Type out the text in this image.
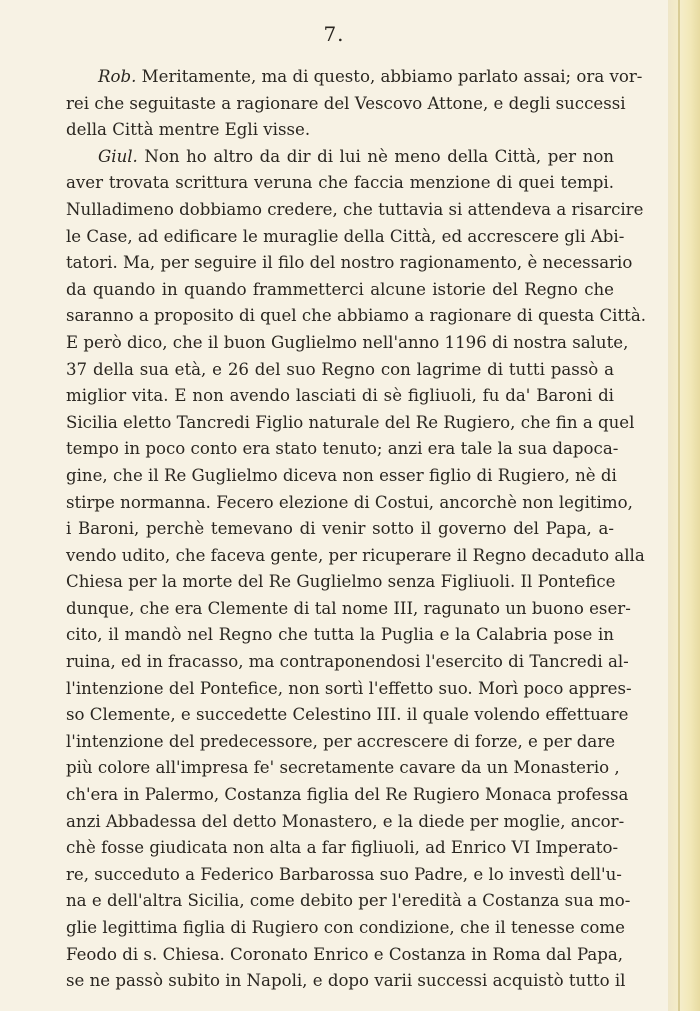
7.
Rob. Meritamente, ma di questo, abbiamo parlato assai; ora vor-
rei che seguitaste a ragionare del Vescovo Attone, e degli successi
della Città mentre Egli visse.
Giul. Non ho altro da dir di lui nè meno della Città, per non
aver trovata scrittura veruna che faccia menzione di quei tempi.
Nulladimeno dobbiamo credere, che tuttavia si attendeva a risarcire
le Case, ad edificare le muraglie della Città, ed accrescere gli Abi-
tatori. Ma, per seguire il filo del nostro ragionamento, è necessario
da quando in quando frammetterci alcune istorie del Regno che
saranno a proposito di quel che abbiamo a ragionare di questa Città.
E però dico, che il buon Guglielmo nell'anno 1196 di nostra salute,
37 della sua età, e 26 del suo Regno con lagrime di tutti passò a
miglior vita. E non avendo lasciati di sè figliuoli, fu da' Baroni di
Sicilia eletto Tancredi Figlio naturale del Re Rugiero, che fin a quel
tempo in poco conto era stato tenuto; anzi era tale la sua dapoca-
gine, che il Re Guglielmo diceva non esser figlio di Rugiero, nè di
stirpe normanna. Fecero elezione di Costui, ancorchè non legitimo,
i Baroni, perchè temevano di venir sotto il governo del Papa, a-
vendo udito, che faceva gente, per ricuperare il Regno decaduto alla
Chiesa per la morte del Re Guglielmo senza Figliuoli. Il Pontefice
dunque, che era Clemente di tal nome III, ragunato un buono eser-
cito, il mandò nel Regno che tutta la Puglia e la Calabria pose in
ruina, ed in fracasso, ma contraponendosi l'esercito di Tancredi al-
l'intenzione del Pontefice, non sortì l'effetto suo. Morì poco appres-
so Clemente, e succedette Celestino III. il quale volendo effettuare
l'intenzione del predecessore, per accrescere di forze, e per dare
più colore all'impresa fe' secretamente cavare da un Monasterio ,
ch'era in Palermo, Costanza figlia del Re Rugiero Monaca professa
anzi Abbadessa del detto Monastero, e la diede per moglie, ancor-
chè fosse giudicata non alta a far figliuoli, ad Enrico VI Imperato-
re, succeduto a Federico Barbarossa suo Padre, e lo investì dell'u-
na e dell'altra Sicilia, come debito per l'eredità a Costanza sua mo-
glie legittima figlia di Rugiero con condizione, che il tenesse come
Feodo di s. Chiesa. Coronato Enrico e Costanza in Roma dal Papa,
se ne passò subito in Napoli, e dopo varii successi acquistò tutto il
